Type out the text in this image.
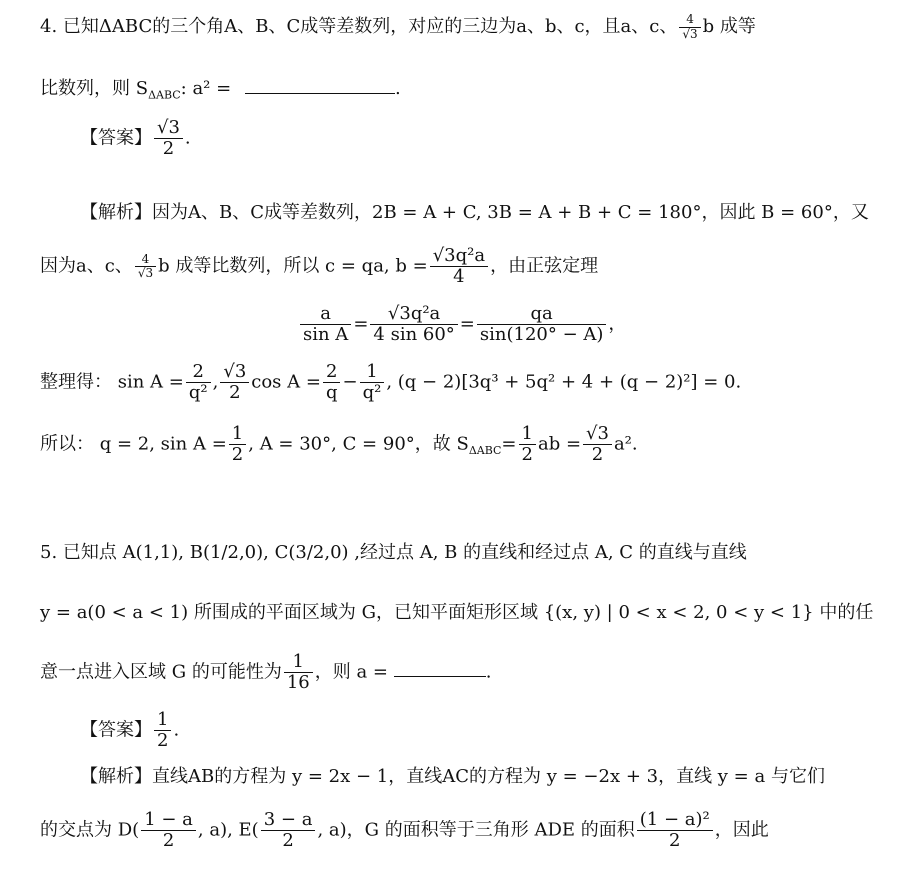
4. 已知ΔABC的三个角A、B、C成等差数列，对应的三边为a、b、c，且a、c、 $\frac{4}{√3}$ b 成等
比数列，则 $S_{\Delta ABC}$: a² =	.
【答案】 $\frac{√3}{2}$ .
【解析】因为A、B、C成等差数列，2B = A + C, 3B = A + B + C = 180°，因此 B = 60°，又
因为a、c、 $\frac{4}{√3}$ b 成等比数列，所以 c = qa, $b = \frac{\text{√3q²a}}{4}$ ，由正弦定理
$\frac{a}{\text{sin A}} = \frac{\text{√3q²a}}{4 \sin 60^\circ} = \frac{qa}{\sin(120^\circ - A)}$ ，
整理得： $\sin A = \frac{2}{\text{q²}}$ , $\frac{√3}{2}$ $\cos A = \frac{2}{q} - \frac{1}{\text{q²}}$ , (q − 2)[3q³ + 5q² + 4 + (q − 2)²] = 0.
所以： q = 2, $\sin A = \frac{1}{2}$ , A = 30°, C = 90°，故 $S_{\Delta ABC}= \frac{1}{2}$ ab = $\frac{√3}{2} a^2$.
5. 已知点 A(1,1), B(1/2,0), C(3/2,0) ,经过点 A, B 的直线和经过点 A, C 的直线与直线
y = a(0 < a < 1) 所围成的平面区域为 G，已知平面矩形区域 {(x, y) | 0 < x < 2, 0 < y < 1} 中的任
意一点进入区域 G 的可能性为 $\frac{1}{16}$ ，则 a =	.
【答案】 $\frac{1}{2}$ .
【解析】直线AB的方程为 y = 2x − 1，直线AC的方程为 y = −2x + 3，直线 y = a 与它们
的交点为 $D( \frac{1 - a}{2}$ , a), $E( \frac{3 - a}{2}$ , a)，G 的面积等于三角形 ADE 的面积 $\frac{\text{(1 − a)²}}{2}$ ，因此
